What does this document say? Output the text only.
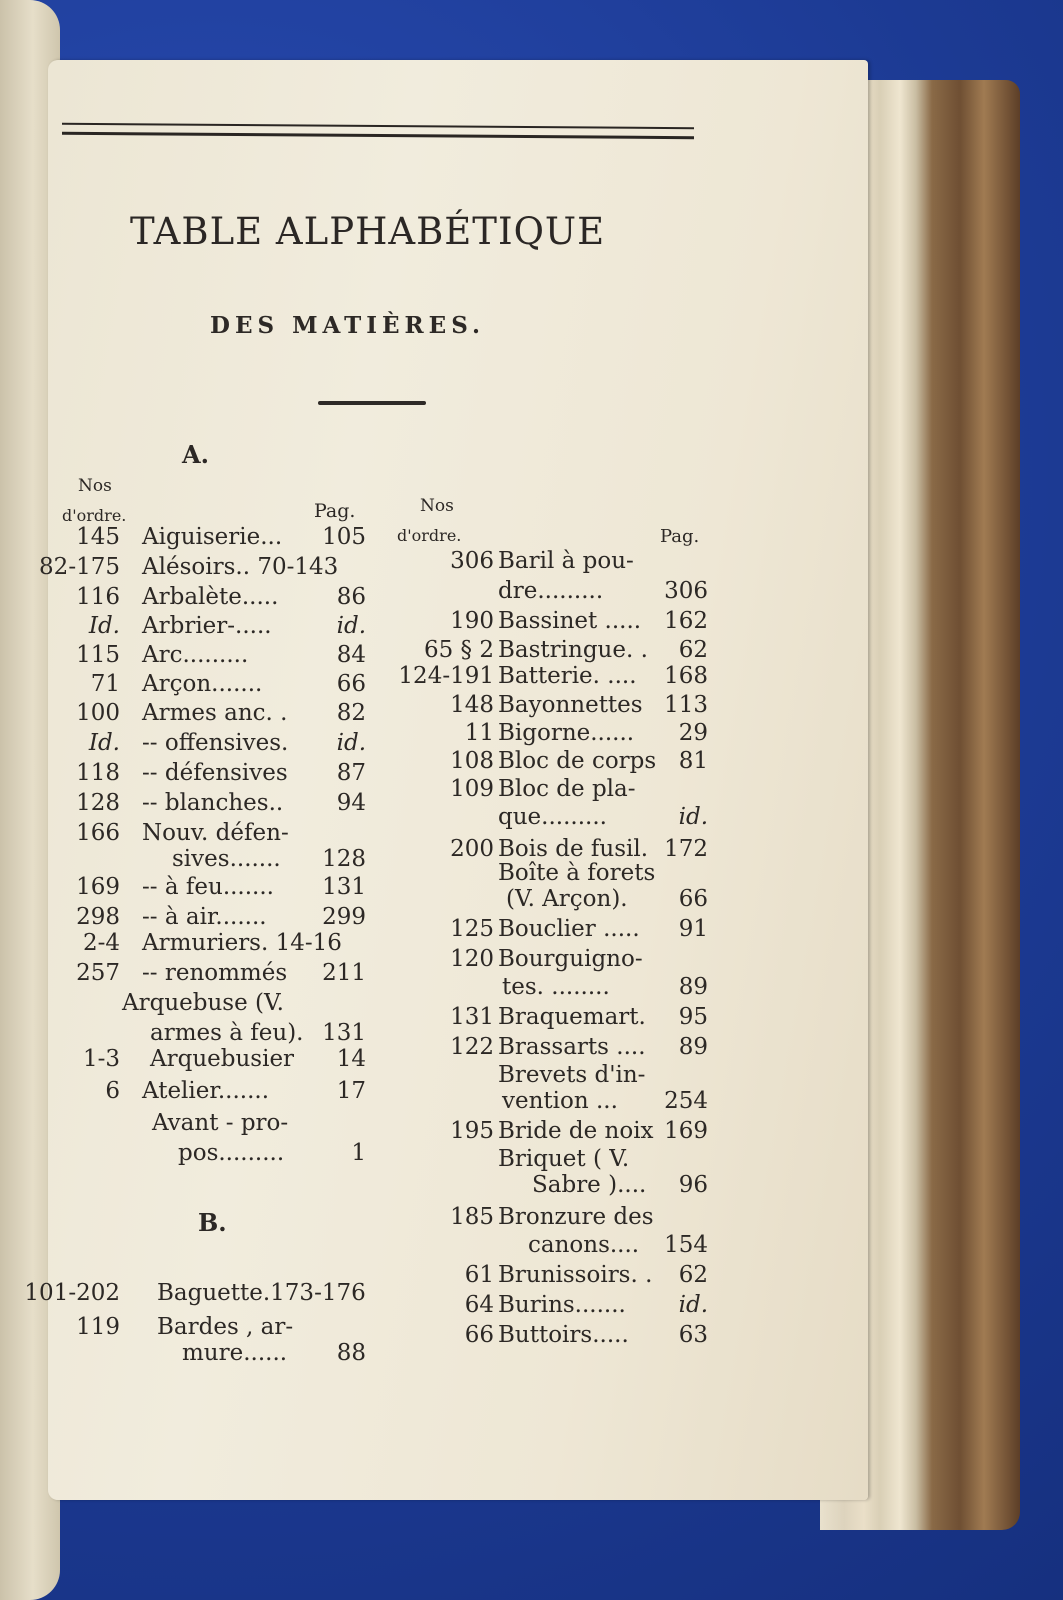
TABLE ALPHABÉTIQUE
DES MATIÈRES.
A.
B.
Nos
d'ordre.	Pag.	Nos
d'ordre.	Pag.
145 Aiguiserie... 105
82-175 Alésoirs.. 70-143
116 Arbalète.....	86
Id. Arbrier-.....	id.
115 Arc.........	84
71 Arçon.......	66
100 Armes anc. . 82
Id. -- offensives. id.
118 -- défensives 87
128 -- blanches.. 94
166 Nouv. défen-
sives....... 128
169 -- à feu....... 131
298 -- à air....... 299
2-4 Armuriers. 14-16
257 -- renommés 211
Arquebuse (V.
armes à feu). 131
1-3 Arquebusier 14
6 Atelier.......	17
Avant - pro-
pos.........	1
101-202 Baguette.173-176
119 Bardes , ar-
mure...... 88
306 Baril à pou-
dre.........	306
190 Bassinet ..... 162
65 § 2 Bastringue. . 62
124-191 Batterie. .... 168
148 Bayonnettes 113
11 Bigorne...... 29
108 Bloc de corps 81
109 Bloc de pla-
que.........	id.
200 Bois de fusil. 172
Boîte à forets
(V. Arçon). 66
125 Bouclier ..... 91
120 Bourguigno-
tes. ........	89
131 Braquemart. 95
122 Brassarts .... 89
Brevets d'in-
vention ... 254
195 Bride de noix 169
Briquet ( V.
Sabre ).... 96
185 Bronzure des
canons.... 154
61 Brunissoirs. . 62
64 Burins....... id.
66 Buttoirs..... 63
